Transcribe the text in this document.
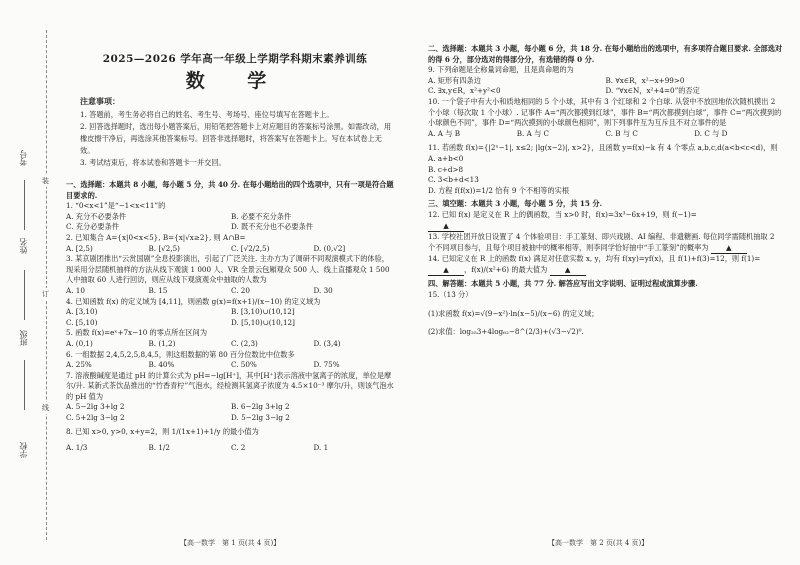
考号
姓名
班级
学校
装
订
线
2025—2026 学年高一年级上学期学科期末素养训练
数 学
注意事项：

1. 答题前，考生务必将自己的姓名、考生号、考场号、座位号填写在答题卡上。

2. 回答选择题时，选出每小题答案后，用铅笔把答题卡上对应题目的答案标号涂黑。如需改动，用橡皮擦干净后，再选涂其他答案标号。回答非选择题时，将答案写在答题卡上。写在本试卷上无效。

3. 考试结束后，将本试卷和答题卡一并交回。

一、选择题：本题共 8 小题，每小题 5 分，共 40 分. 在每小题给出的四个选项中，只有一项是符合题目要求的.

1. “0<x<1”是“−1<x<11”的

A. 充分不必要条件	B. 必要不充分条件
C. 充分必要条件	D. 既不充分也不必要条件

2. 已知集合 A={x|0<x<5}, B={x|√x≥2}, 则 A∩B=

A. [2,5)	B. [√2,5)	C. [√2/2,5)	D. (0,√2]

3. 某京剧团推出“云赏国剧”全息投影演出，引起了广泛关注. 主办方为了调研不同观演模式下的体验，现采用分层随机抽样的方法从线下观演 1 000 人、VR 全景云包厢观众 500 人、线上直播观众 1 500 人中抽取 60 人进行回访，则应从线下观演观众中抽取的人数为

A. 10	B. 15	C. 20	D. 30

4. 已知函数 f(x) 的定义域为 [4,11]，则函数 g(x)=f(x+1)/(x−10) 的定义域为

A. [3,10)	B. [3,10)∪(10,12]
C. [5,10)	D. [5,10)∪(10,12]

5. 函数 f(x)=eˣ+7x−10 的零点所在区间为

A. (0,1)	B. (1,2)	C. (2,3)	D. (3,4)

6. 一组数据 2,4,5,2,5,8,4,5，则这组数据的第 80 百分位数比中位数多

A. 25%	B. 40%	C. 50%	D. 75%

7. 溶液酸碱度是通过 pH 的计算公式为 pH=−lg[H⁺]，其中[H⁺]表示溶液中氢离子的浓度，单位是摩尔/升. 某新式茶饮品推出的“竹香青柠”气泡水，经检测其氢离子浓度为 4.5×10⁻³ 摩尔/升，则该气泡水的 pH 值为

A. 5−2lg 3+lg 2	B. 6−2lg 3+lg 2
C. 5+2lg 3−lg 2	D. 5−2lg 3−lg 2

8. 已知 x>0, y>0, x+y=2，则 1/(1x+1)+1/y 的最小值为

A. 1/3	B. 1/2	C. 2	D. 1
【高一数学　第 1 页(共 4 页)】

二、选择题：本题共 3 小题，每小题 6 分，共 18 分. 在每小题给出的选项中，有多项符合题目要求. 全部选对的得 6 分，部分选对的得部分分，有选错的得 0 分.

9. 下列命题是全称量词命题，且是真命题的为

A. 矩形有四条边	B. ∀x∈R，x²−x+99>0
C. ∃x,y∈R，x²+y²<0	D. “∀x∈N，x²+4=0”的否定

10. 一个袋子中有大小和质地相同的 5 个小球，其中有 3 个红球和 2 个白球. 从袋中不放回地依次随机摸出 2 个小球（每次取 1 个小球）. 记事件 A=“两次都摸到红球”，事件 B=“两次都摸到白球”，事件 C=“两次摸到的小球颜色不同”，事件 D=“两次摸到的小球颜色相同”，则下列事件互为互斥且不对立事件的是

A. A 与 B	B. A 与 C	C. B 与 C	D. C 与 D

11. 若函数 f(x)={|2ˣ−1|, x≤2; |lg(x−2)|, x>2}，且函数 y=f(x)−k 有 4 个零点 a,b,c,d(a<b<c<d)，则

A. a+b<0

B. c+d>8

C. 3<b+d<13

D. 方程 f(f(x))=1/2 恰有 9 个不相等的实根

三、填空题：本题共 3 小题，每小题 5 分，共 15 分.

12. 已知 f(x) 是定义在 R 上的偶函数，当 x>0 时，f(x)=3x³−6x+19，则 f(−1)=

▲

13. 学校社团开放日设置了 4 个体验项目：手工篆刻、即兴戏剧、AI 编程、非遗糖画. 每位同学需随机抽取 2 个不同项目参与，且每个项目被抽中的概率相等，则李同学恰好抽中“手工篆刻”的概率为 ▲

14. 已知定义在 R 上的函数 f(x) 满足对任意实数 x, y，均有 f(xy)=yf(x)，且 f(1)+f(3)=12，则 f(1)= ▲ ，f(x)/(x²+6) 的最大值为 ▲

四、解答题：本题共 5 小题，共 77 分. 解答应写出文字说明、证明过程或演算步骤.

15.（13 分）

(1)求函数 f(x)=√(9−x²)·ln(x−5)/(x−6) 的定义域；

(2)求值：log₂₅3+4log₆₂−8^(2/3)+(√3−√2)⁰.

【高一数学　第 2 页(共 4 页)】
